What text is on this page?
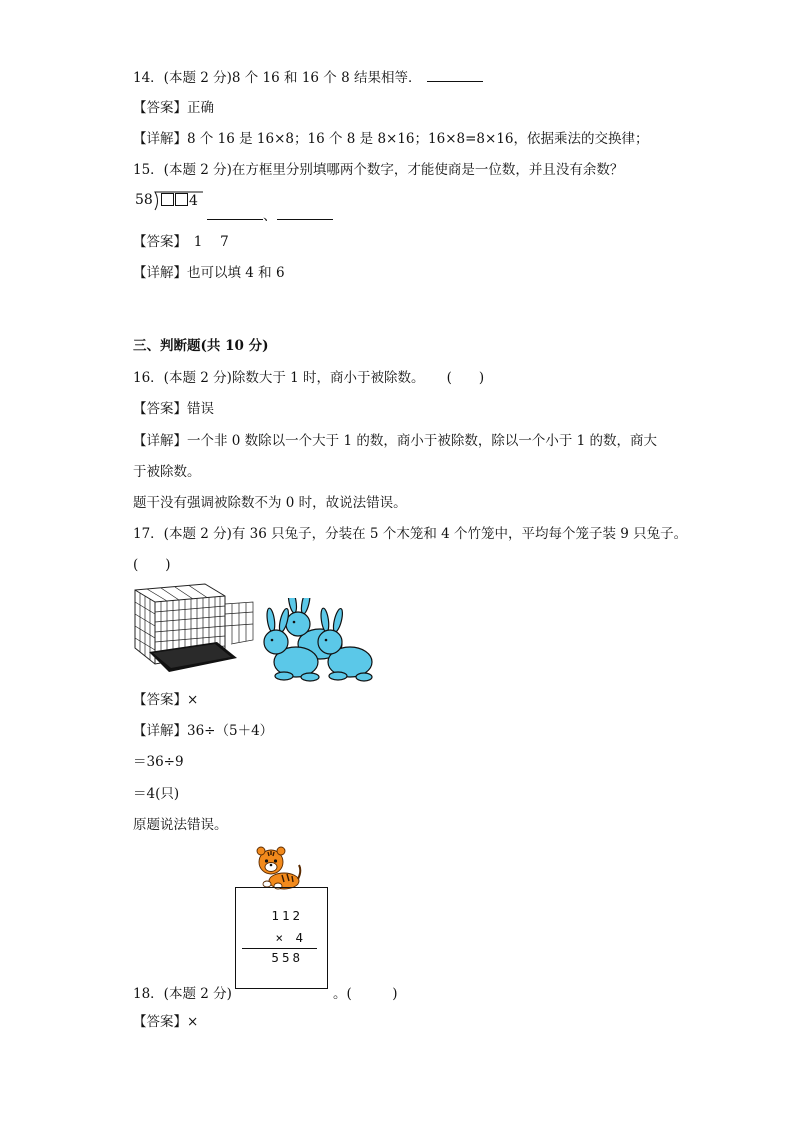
14．(本题 2 分)8 个 16 和 16 个 8 结果相等．
【答案】正确
【详解】8 个 16 是 16×8；16 个 8 是 8×16；16×8=8×16，依据乘法的交换律；
15．(本题 2 分)在方框里分别填哪两个数字，才能使商是一位数，并且没有余数？
58	4
、
【答案】　1　 7
【详解】也可以填 4 和 6
三、判断题(共 10 分)
16．(本题 2 分)除数大于 1 时，商小于被除数。 (　　)
【答案】错误
【详解】一个非 0 数除以一个大于 1 的数，商小于被除数，除以一个小于 1 的数，商大
于被除数。
题干没有强调被除数不为 0 时，故说法错误。
17．(本题 2 分)有 36 只兔子，分装在 5 个木笼和 4 个竹笼中，平均每个笼子装 9 只兔子。
(　　)
【答案】×
【详解】36÷（5＋4）
＝36÷9
＝4(只)
原题说法错误。
112
×　4
558
18．(本题 2 分)	。(　　　)
【答案】×
